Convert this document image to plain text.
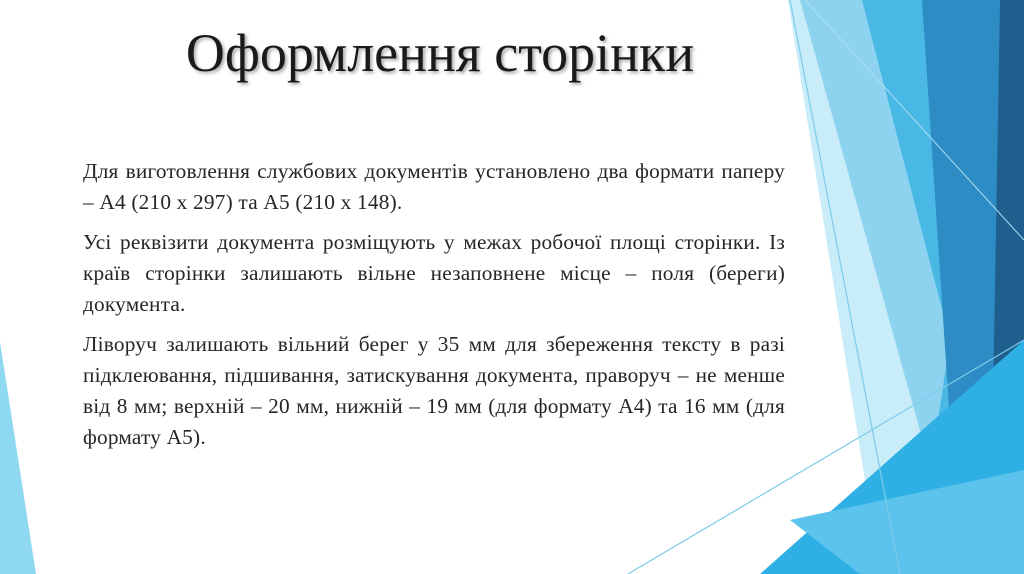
Оформлення сторінки

Для виготовлення службових документів установлено два формати паперу – А4 (210 х 297) та А5 (210 х 148).

Усі реквізити документа розміщують у межах робочої площі сторінки. Із країв сторінки залишають вільне незаповнене місце – поля (береги) документа.

Ліворуч залишають вільний берег у 35 мм для збереження тексту в разі підклеювання, підшивання, затискування документа, праворуч – не менше від 8 мм; верхній – 20 мм, нижній – 19 мм (для формату А4) та 16 мм (для формату А5).
